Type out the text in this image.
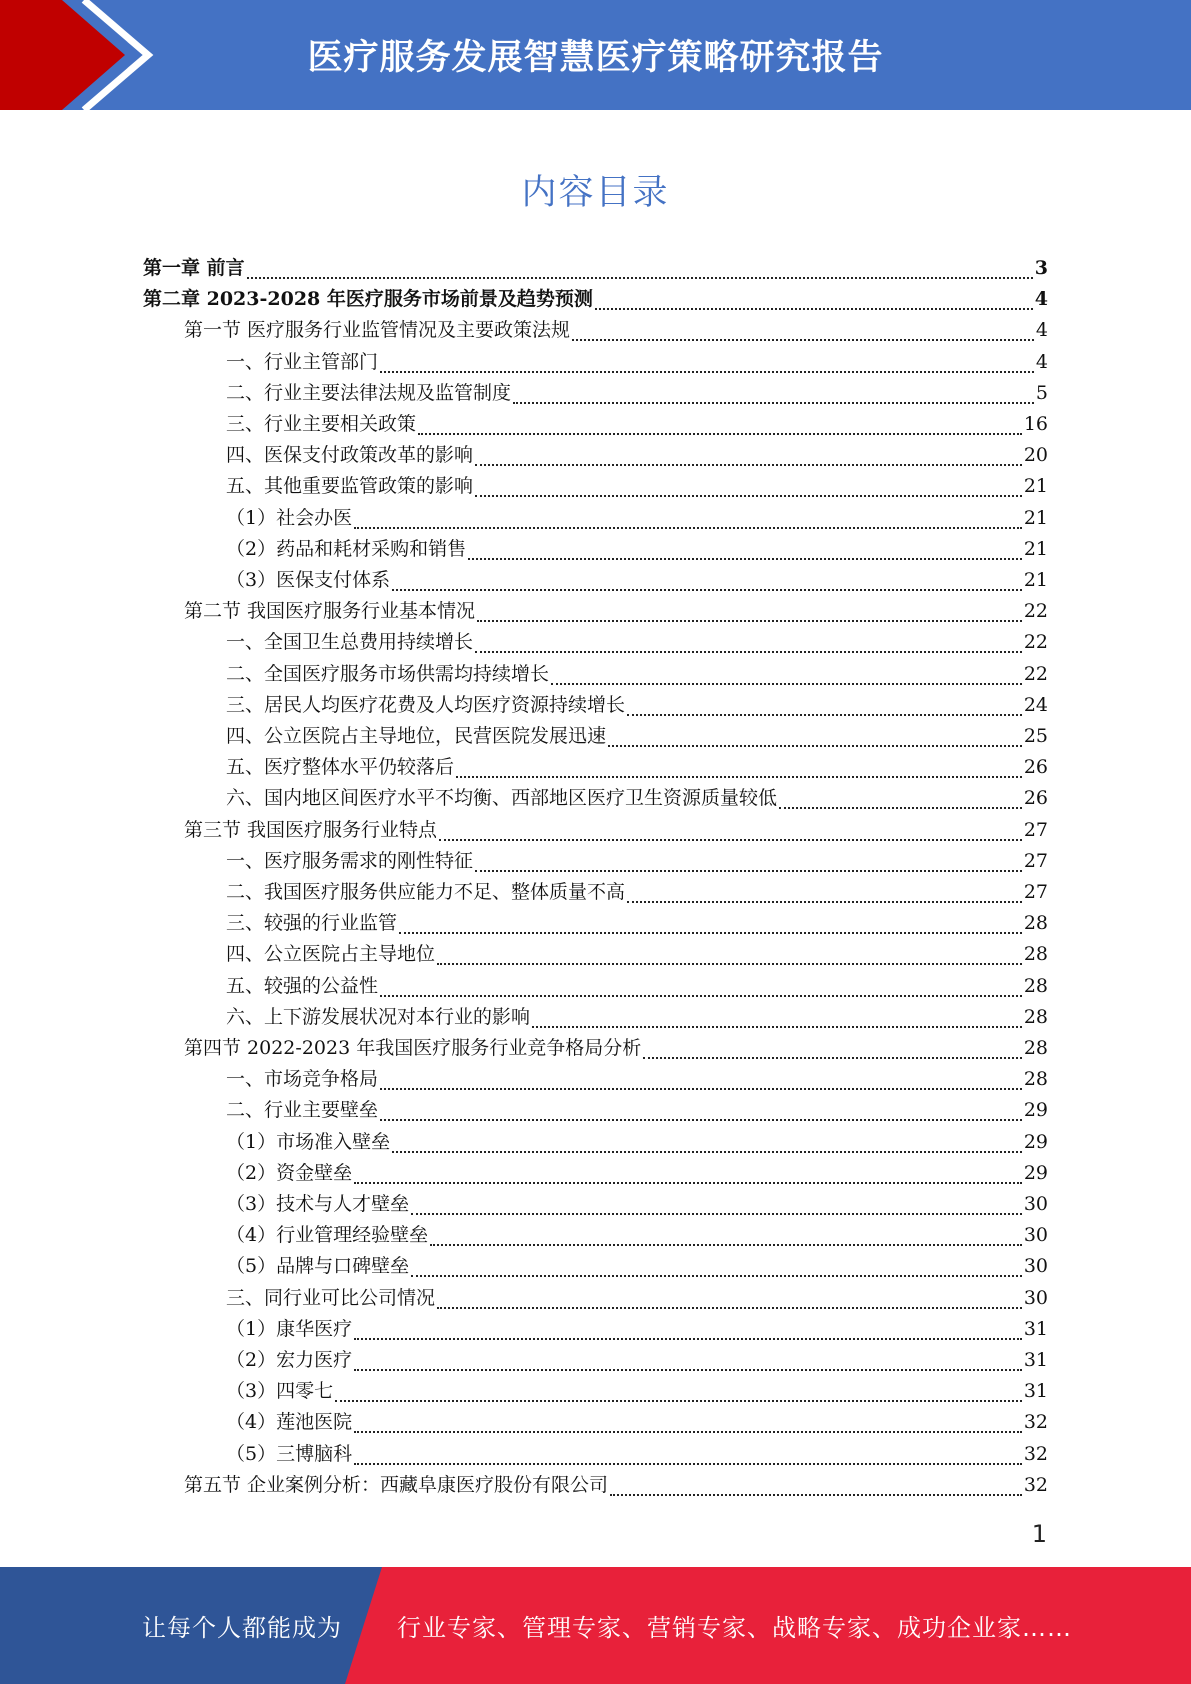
医疗服务发展智慧医疗策略研究报告
内容目录
第一章 前言	3
第二章 2023-2028 年医疗服务市场前景及趋势预测	4
第一节 医疗服务行业监管情况及主要政策法规	4
一、行业主管部门	4
二、行业主要法律法规及监管制度	5
三、行业主要相关政策	16
四、医保支付政策改革的影响	20
五、其他重要监管政策的影响	21
（1）社会办医	21
（2）药品和耗材采购和销售	21
（3）医保支付体系	21
第二节 我国医疗服务行业基本情况	22
一、全国卫生总费用持续增长	22
二、全国医疗服务市场供需均持续增长	22
三、居民人均医疗花费及人均医疗资源持续增长	24
四、公立医院占主导地位，民营医院发展迅速	25
五、医疗整体水平仍较落后	26
六、国内地区间医疗水平不均衡、西部地区医疗卫生资源质量较低	26
第三节 我国医疗服务行业特点	27
一、医疗服务需求的刚性特征	27
二、我国医疗服务供应能力不足、整体质量不高	27
三、较强的行业监管	28
四、公立医院占主导地位	28
五、较强的公益性	28
六、上下游发展状况对本行业的影响	28
第四节 2022-2023 年我国医疗服务行业竞争格局分析	28
一、市场竞争格局	28
二、行业主要壁垒	29
（1）市场准入壁垒	29
（2）资金壁垒	29
（3）技术与人才壁垒	30
（4）行业管理经验壁垒	30
（5）品牌与口碑壁垒	30
三、同行业可比公司情况	30
（1）康华医疗	31
（2）宏力医疗	31
（3）四零七	31
（4）莲池医院	32
（5）三博脑科	32
第五节 企业案例分析：西藏阜康医疗股份有限公司	32
1
让每个人都能成为 行业专家、管理专家、营销专家、战略专家、成功企业家……
